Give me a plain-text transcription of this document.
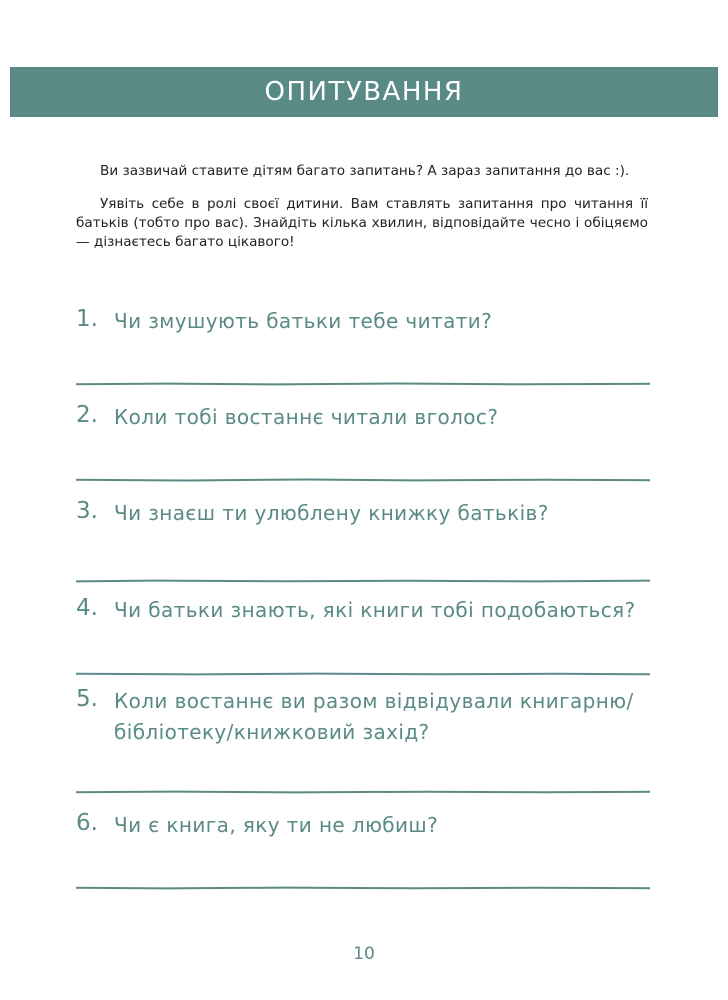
ОПИТУВАННЯ

Ви зазвичай ставите дітям багато запитань? А зараз запитання до вас :).

Уявіть себе в ролі своєї дитини. Вам ставлять запитання про читання її батьків (тобто про вас). Знайдіть кілька хвилин, відповідайте чесно і обіцяємо — дізнаєтесь багато цікавого!

1. Чи змушують батьки тебе читати?
2. Коли тобі востаннє читали вголос?
3. Чи знаєш ти улюблену книжку батьків?
4. Чи батьки знають, які книги тобі подобаються?
5. Коли востаннє ви разом відвідували книгарню/ бібліотеку/книжковий захід?
6. Чи є книга, яку ти не любиш?
10
